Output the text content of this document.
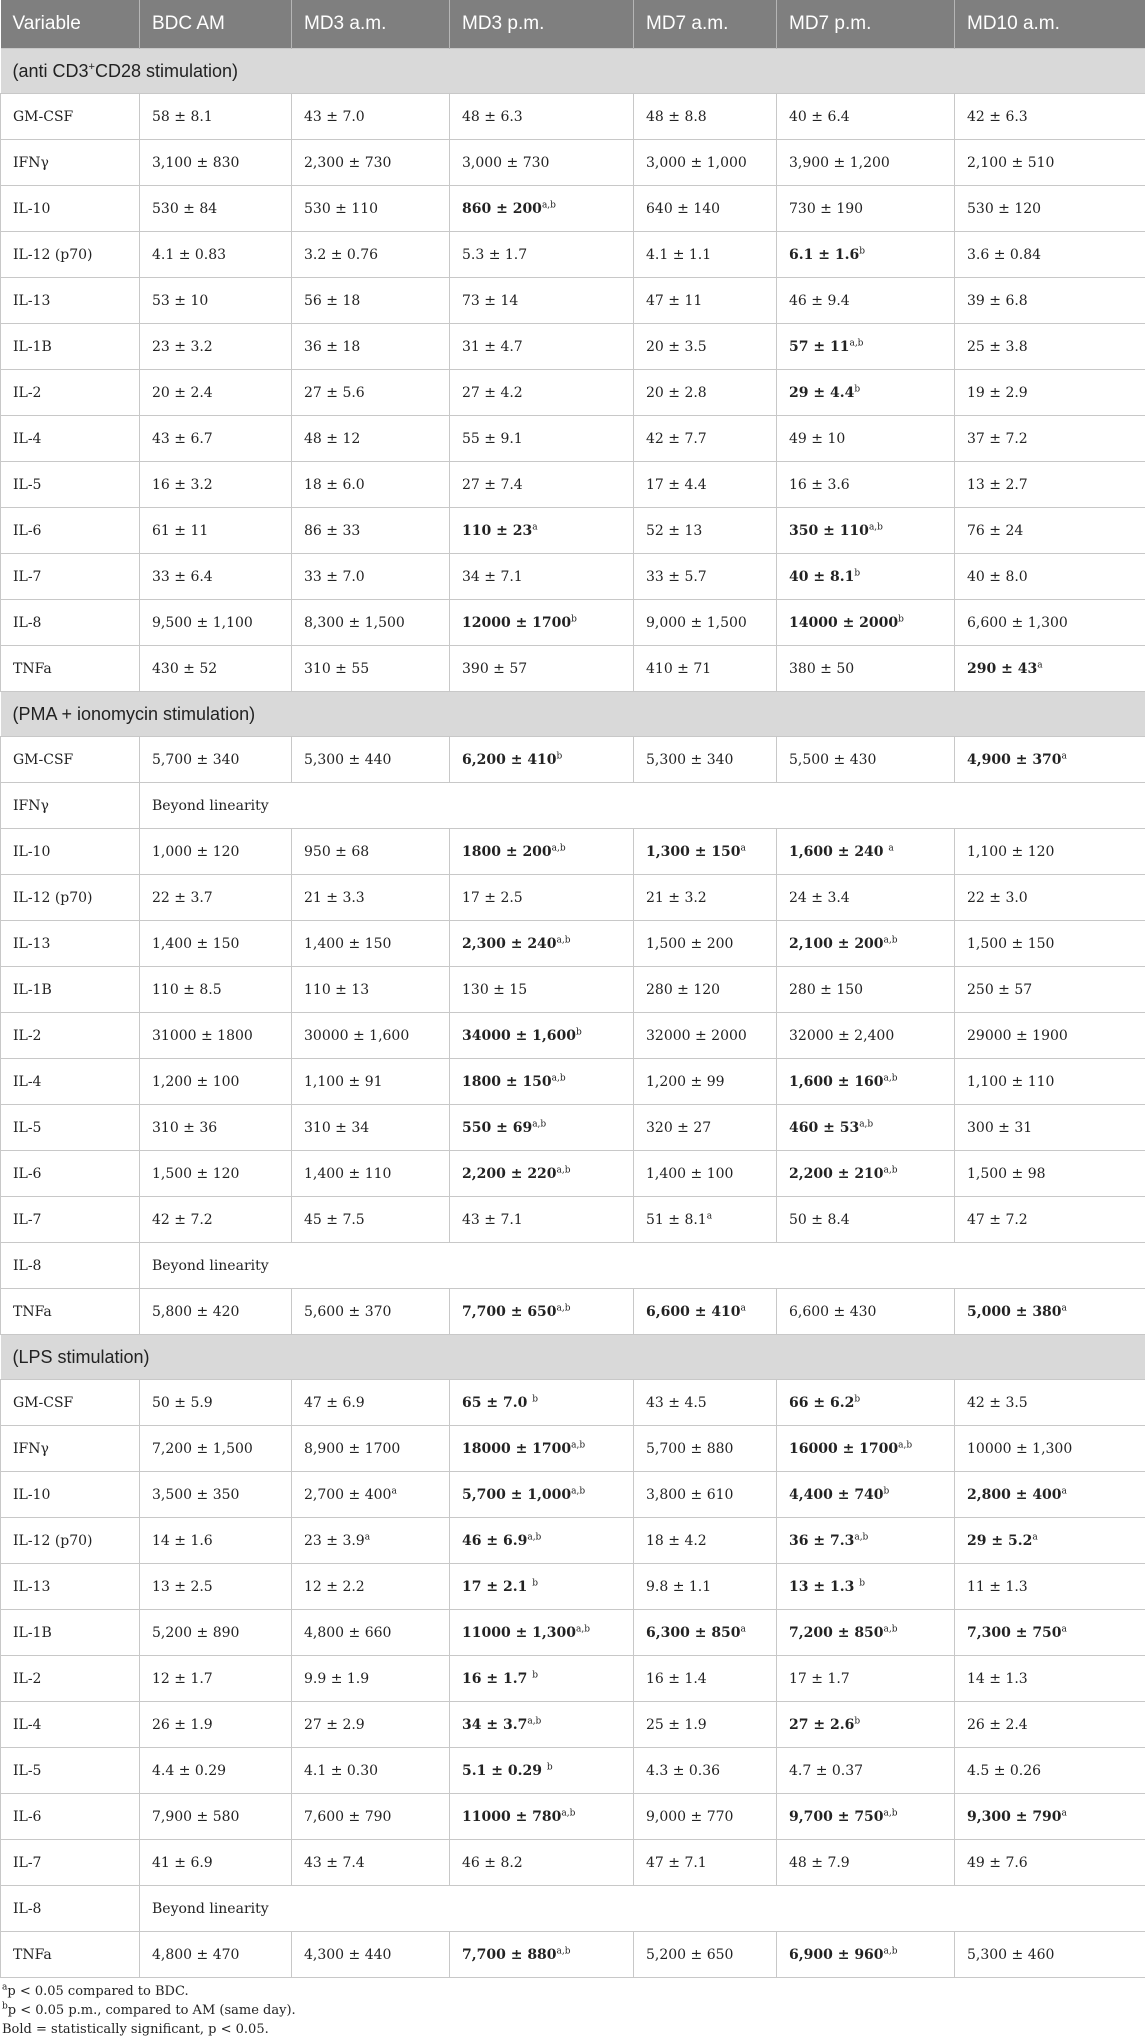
Variable	BDC AM	MD3 a.m.	MD3 p.m.	MD7 a.m.	MD7 p.m.	MD10 a.m.
(anti CD3+CD28 stimulation)						
GM-CSF	58 ± 8.1	43 ± 7.0	48 ± 6.3	48 ± 8.8	40 ± 6.4	42 ± 6.3
IFNγ	3,100 ± 830	2,300 ± 730	3,000 ± 730	3,000 ± 1,000	3,900 ± 1,200	2,100 ± 510
IL-10	530 ± 84	530 ± 110	$860 \pm 200^{a,b}$	640 ± 140	730 ± 190	530 ± 120
IL-12 (p70)	4.1 ± 0.83	3.2 ± 0.76	5.3 ± 1.7	4.1 ± 1.1	6.1 ± 1.6$^b$	3.6 ± 0.84
IL-13	53 ± 10	56 ± 18	73 ± 14	47 ± 11	46 ± 9.4	39 ± 6.8
IL-1B	23 ± 3.2	36 ± 18	31 ± 4.7	20 ± 3.5	$57 \pm 11^{a,b}$	25 ± 3.8
IL-2	20 ± 2.4	27 ± 5.6	27 ± 4.2	20 ± 2.8	29 ± 4.4$^b$	19 ± 2.9
IL-4	43 ± 6.7	48 ± 12	55 ± 9.1	42 ± 7.7	49 ± 10	37 ± 7.2
IL-5	16 ± 3.2	18 ± 6.0	27 ± 7.4	17 ± 4.4	16 ± 3.6	13 ± 2.7
IL-6	61 ± 11	86 ± 33	$110 \pm 23^a$	52 ± 13	$350 \pm 110^{a,b}$	76 ± 24
IL-7	33 ± 6.4	33 ± 7.0	34 ± 7.1	33 ± 5.7	40 ± 8.1$^b$	40 ± 8.0
IL-8	9,500 ± 1,100	8,300 ± 1,500	$12000 \pm 1700^b$	9,000 ± 1,500	$14000 \pm 2000^b$	6,600 ± 1,300
TNFa	430 ± 52	310 ± 55	390 ± 57	410 ± 71	380 ± 50	$290 \pm 43^a$
(PMA + ionomycin stimulation)						
GM-CSF	5,700 ± 340	5,300 ± 440	$6,200 \pm 410^b$	5,300 ± 340	5,500 ± 430	$4,900 \pm 370^a$
IFNγ	Beyond linearity					
IL-10	1,000 ± 120	950 ± 68	$1800 \pm 200^{a,b}$	$1,300 \pm 150^a$	1,600 ± 240 $^a$	1,100 ± 120
IL-12 (p70)	22 ± 3.7	21 ± 3.3	17 ± 2.5	21 ± 3.2	24 ± 3.4	22 ± 3.0
IL-13	1,400 ± 150	1,400 ± 150	$2,300 \pm 240^{a,b}$	1,500 ± 200	$2,100 \pm 200^{a,b}$	1,500 ± 150
IL-1B	110 ± 8.5	110 ± 13	130 ± 15	280 ± 120	280 ± 150	250 ± 57
IL-2	31000 ± 1800	30000 ± 1,600	34000 ± 1,600$^b$	32000 ± 2000	32000 ± 2,400	29000 ± 1900
IL-4	1,200 ± 100	1,100 ± 91	$1800 \pm 150^{a,b}$	1,200 ± 99	$1,600 \pm 160^{a,b}$	1,100 ± 110
IL-5	310 ± 36	310 ± 34	$550 \pm 69^{a,b}$	320 ± 27	$460 \pm 53^{a,b}$	300 ± 31
IL-6	1,500 ± 120	1,400 ± 110	$2,200 \pm 220^{a,b}$	1,400 ± 100	$2,200 \pm 210^{a,b}$	1,500 ± 98
IL-7	42 ± 7.2	45 ± 7.5	43 ± 7.1	51 ± 8.1$^a$	50 ± 8.4	47 ± 7.2
IL-8	Beyond linearity					
TNFa	5,800 ± 420	5,600 ± 370	$7,700 \pm 650^{a,b}$	$6,600 \pm 410^a$	6,600 ± 430	$5,000 \pm 380^a$
(LPS stimulation)						
GM-CSF	50 ± 5.9	47 ± 6.9	65 ± 7.0 $^b$	43 ± 4.5	66 ± 6.2$^b$	42 ± 3.5
IFNγ	7,200 ± 1,500	8,900 ± 1700	$18000 \pm 1700^{a,b}$	5,700 ± 880	$16000 \pm 1700^{a,b}$	10000 ± 1,300
IL-10	3,500 ± 350	$2,700 \pm 400^a$	$5,700 \pm 1,000^{a,b}$	3,800 ± 610	$4,400 \pm 740^b$	$2,800 \pm 400^a$
IL-12 (p70)	14 ± 1.6	23 ± 3.9$^a$	$46 \pm 6.9^{a,b}$	18 ± 4.2	$36 \pm 7.3^{a,b}$	29 ± 5.2$^a$
IL-13	13 ± 2.5	12 ± 2.2	17 ± 2.1 $^b$	9.8 ± 1.1	13 ± 1.3 $^b$	11 ± 1.3
IL-1B	5,200 ± 890	4,800 ± 660	$11000 \pm 1,300^{a,b}$	$6,300 \pm 850^a$	$7,200 \pm 850^{a,b}$	$7,300 \pm 750^a$
IL-2	12 ± 1.7	9.9 ± 1.9	16 ± 1.7 $^b$	16 ± 1.4	17 ± 1.7	14 ± 1.3
IL-4	26 ± 1.9	27 ± 2.9	$34 \pm 3.7^{a,b}$	25 ± 1.9	27 ± 2.6$^b$	26 ± 2.4
IL-5	4.4 ± 0.29	4.1 ± 0.30	5.1 ± 0.29 $^b$	4.3 ± 0.36	4.7 ± 0.37	4.5 ± 0.26
IL-6	7,900 ± 580	7,600 ± 790	$11000 \pm 780^{a,b}$	9,000 ± 770	$9,700 \pm 750^{a,b}$	$9,300 \pm 790^a$
IL-7	41 ± 6.9	43 ± 7.4	46 ± 8.2	47 ± 7.1	48 ± 7.9	49 ± 7.6
IL-8	Beyond linearity					
TNFa	4,800 ± 470	4,300 ± 440	$7,700 \pm 880^{a,b}$	5,200 ± 650	$6,900 \pm 960^{a,b}$	5,300 ± 460

$^a$p < 0.05 compared to BDC.

$^b$p < 0.05 p.m., compared to AM (same day).

Bold = statistically significant, p < 0.05.
